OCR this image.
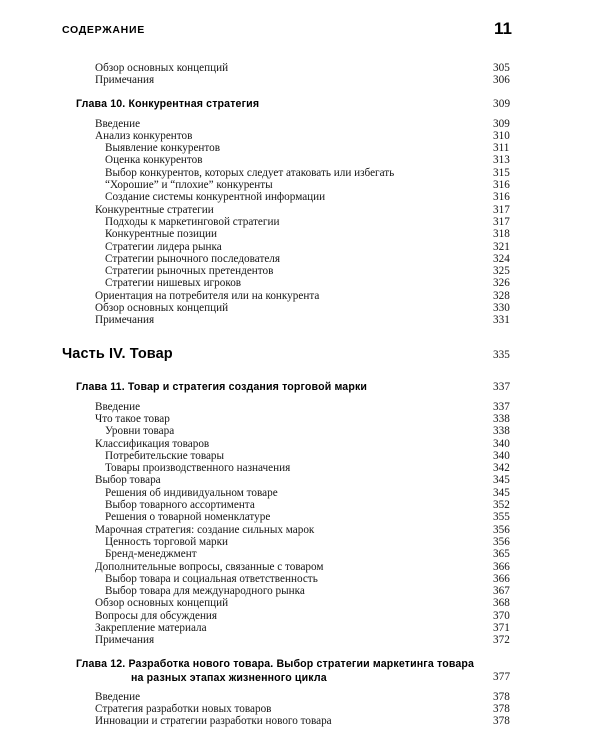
СОДЕРЖАНИЕ	11
Обзор основных концепций	305
Примечания	306
Глава 10. Конкурентная стратегия	309
Введение	309
Анализ конкурентов	310
Выявление конкурентов	311
Оценка конкурентов	313
Выбор конкурентов, которых следует атаковать или избегать	315
“Хорошие” и “плохие” конкуренты	316
Создание системы конкурентной информации	316
Конкурентные стратегии	317
Подходы к маркетинговой стратегии	317
Конкурентные позиции	318
Стратегии лидера рынка	321
Стратегии рыночного последователя	324
Стратегии рыночных претендентов	325
Стратегии нишевых игроков	326
Ориентация на потребителя или на конкурента	328
Обзор основных концепций	330
Примечания	331
Часть IV. Товар	335
Глава 11. Товар и стратегия создания торговой марки	337
Введение	337
Что такое товар	338
Уровни товара	338
Классификация товаров	340
Потребительские товары	340
Товары производственного назначения	342
Выбор товара	345
Решения об индивидуальном товаре	345
Выбор товарного ассортимента	352
Решения о товарной номенклатуре	355
Марочная стратегия: создание сильных марок	356
Ценность торговой марки	356
Бренд-менеджмент	365
Дополнительные вопросы, связанные с товаром	366
Выбор товара и социальная ответственность	366
Выбор товара для международного рынка	367
Обзор основных концепций	368
Вопросы для обсуждения	370
Закрепление материала	371
Примечания	372
Глава 12. Разработка нового товара. Выбор стратегии маркетинга товара
на разных этапах жизненного цикла	377
Введение	378
Стратегия разработки новых товаров	378
Инновации и стратегии разработки нового товара	378
